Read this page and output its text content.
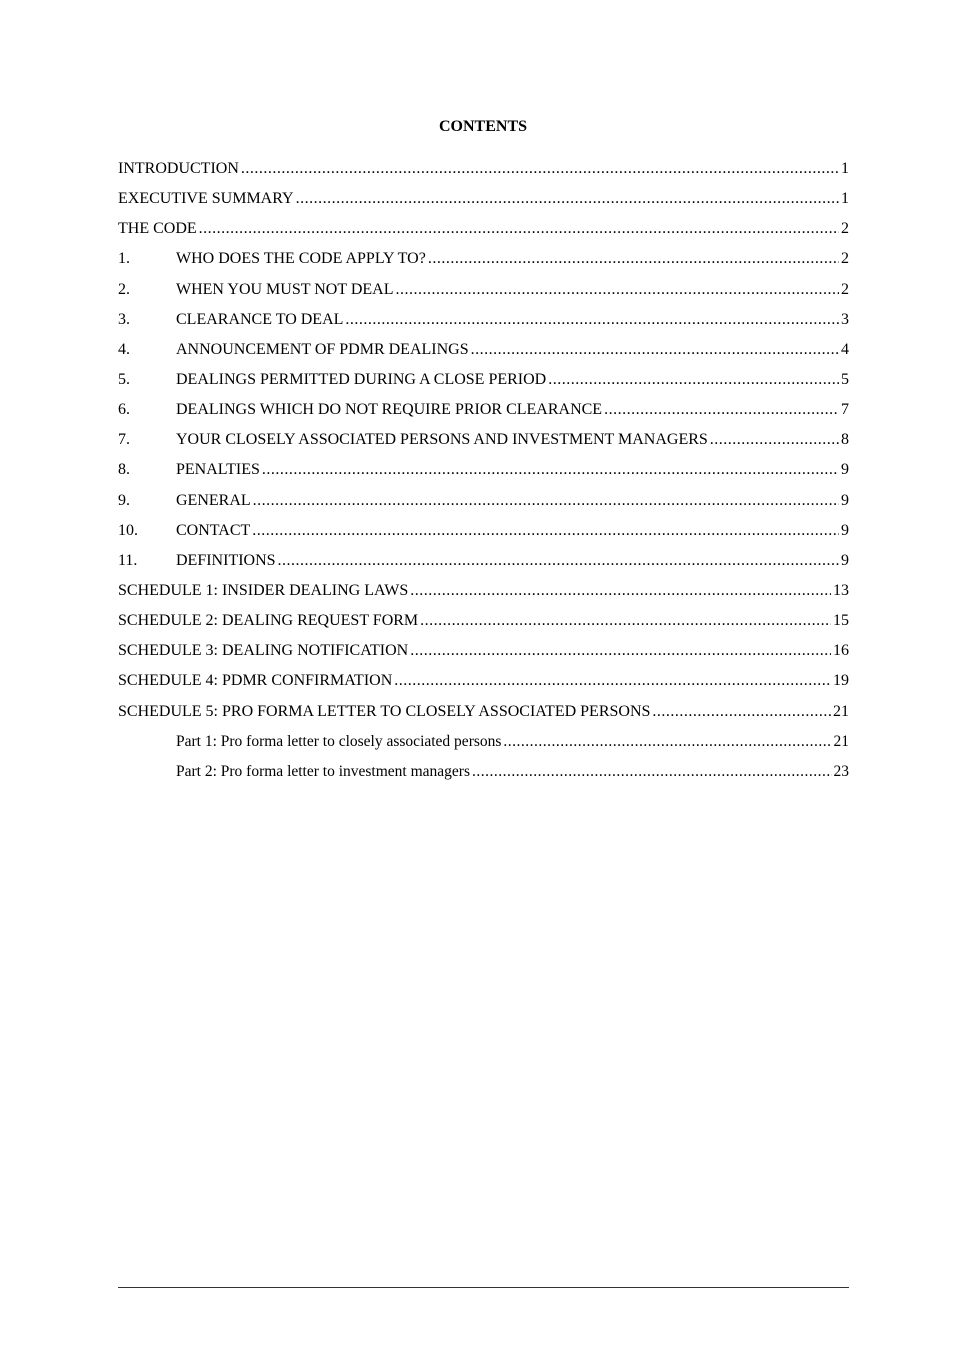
CONTENTS
INTRODUCTION .....	1
EXECUTIVE SUMMARY .....	1
THE CODE .....	2
1.	WHO DOES THE CODE APPLY TO? .....	2
2.	WHEN YOU MUST NOT DEAL .....	2
3.	CLEARANCE TO DEAL .....	3
4.	ANNOUNCEMENT OF PDMR DEALINGS .....	4
5.	DEALINGS PERMITTED DURING A CLOSE PERIOD .....	5
6.	DEALINGS WHICH DO NOT REQUIRE PRIOR CLEARANCE .....	7
7.	YOUR CLOSELY ASSOCIATED PERSONS AND INVESTMENT MANAGERS .....	8
8.	PENALTIES .....	9
9.	GENERAL .....	9
10.	CONTACT .....	9
11.	DEFINITIONS .....	9
SCHEDULE 1: INSIDER DEALING LAWS .....	13
SCHEDULE 2: DEALING REQUEST FORM .....	15
SCHEDULE 3: DEALING NOTIFICATION .....	16
SCHEDULE 4: PDMR CONFIRMATION .....	19
SCHEDULE 5: PRO FORMA LETTER TO CLOSELY ASSOCIATED PERSONS .....	21
Part 1: Pro forma letter to closely associated persons .....	21
Part 2: Pro forma letter to investment managers .....	23
